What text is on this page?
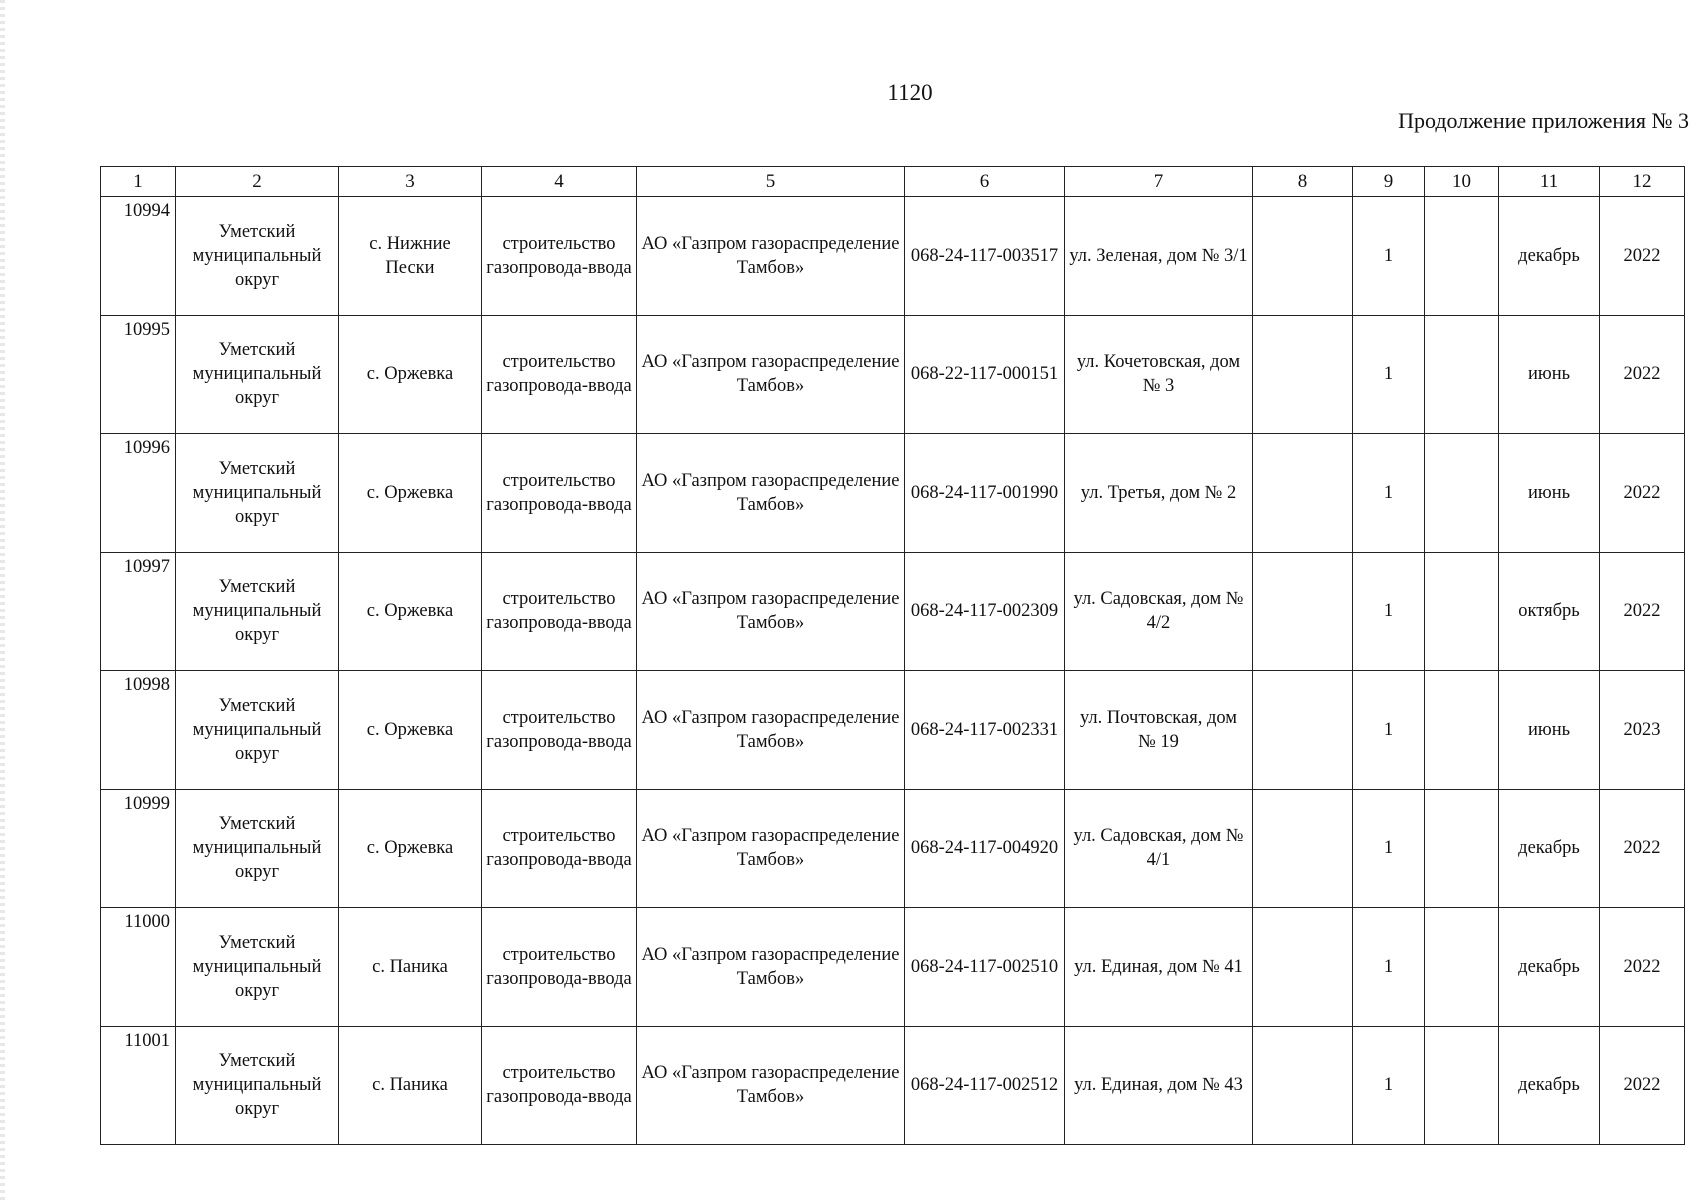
1120
Продолжение приложения № 3
1	2	3	4	5	6	7	8	9	10	11	12
10994	Уметский муниципальный округ	с. Нижние Пески	строительство газопровода-ввода	АО «Газпром газораспределение Тамбов»	068-24-117-003517	ул. Зеленая, дом № 3/1		1		декабрь	2022
10995	Уметский муниципальный округ	с. Оржевка	строительство газопровода-ввода	АО «Газпром газораспределение Тамбов»	068-22-117-000151	ул. Кочетовская, дом № 3		1		июнь	2022
10996	Уметский муниципальный округ	с. Оржевка	строительство газопровода-ввода	АО «Газпром газораспределение Тамбов»	068-24-117-001990	ул. Третья, дом № 2		1		июнь	2022
10997	Уметский муниципальный округ	с. Оржевка	строительство газопровода-ввода	АО «Газпром газораспределение Тамбов»	068-24-117-002309	ул. Садовская, дом № 4/2		1		октябрь	2022
10998	Уметский муниципальный округ	с. Оржевка	строительство газопровода-ввода	АО «Газпром газораспределение Тамбов»	068-24-117-002331	ул. Почтовская, дом № 19		1		июнь	2023
10999	Уметский муниципальный округ	с. Оржевка	строительство газопровода-ввода	АО «Газпром газораспределение Тамбов»	068-24-117-004920	ул. Садовская, дом № 4/1		1		декабрь	2022
11000	Уметский муниципальный округ	с. Паника	строительство газопровода-ввода	АО «Газпром газораспределение Тамбов»	068-24-117-002510	ул. Единая, дом № 41		1		декабрь	2022
11001	Уметский муниципальный округ	с. Паника	строительство газопровода-ввода	АО «Газпром газораспределение Тамбов»	068-24-117-002512	ул. Единая, дом № 43		1		декабрь	2022
